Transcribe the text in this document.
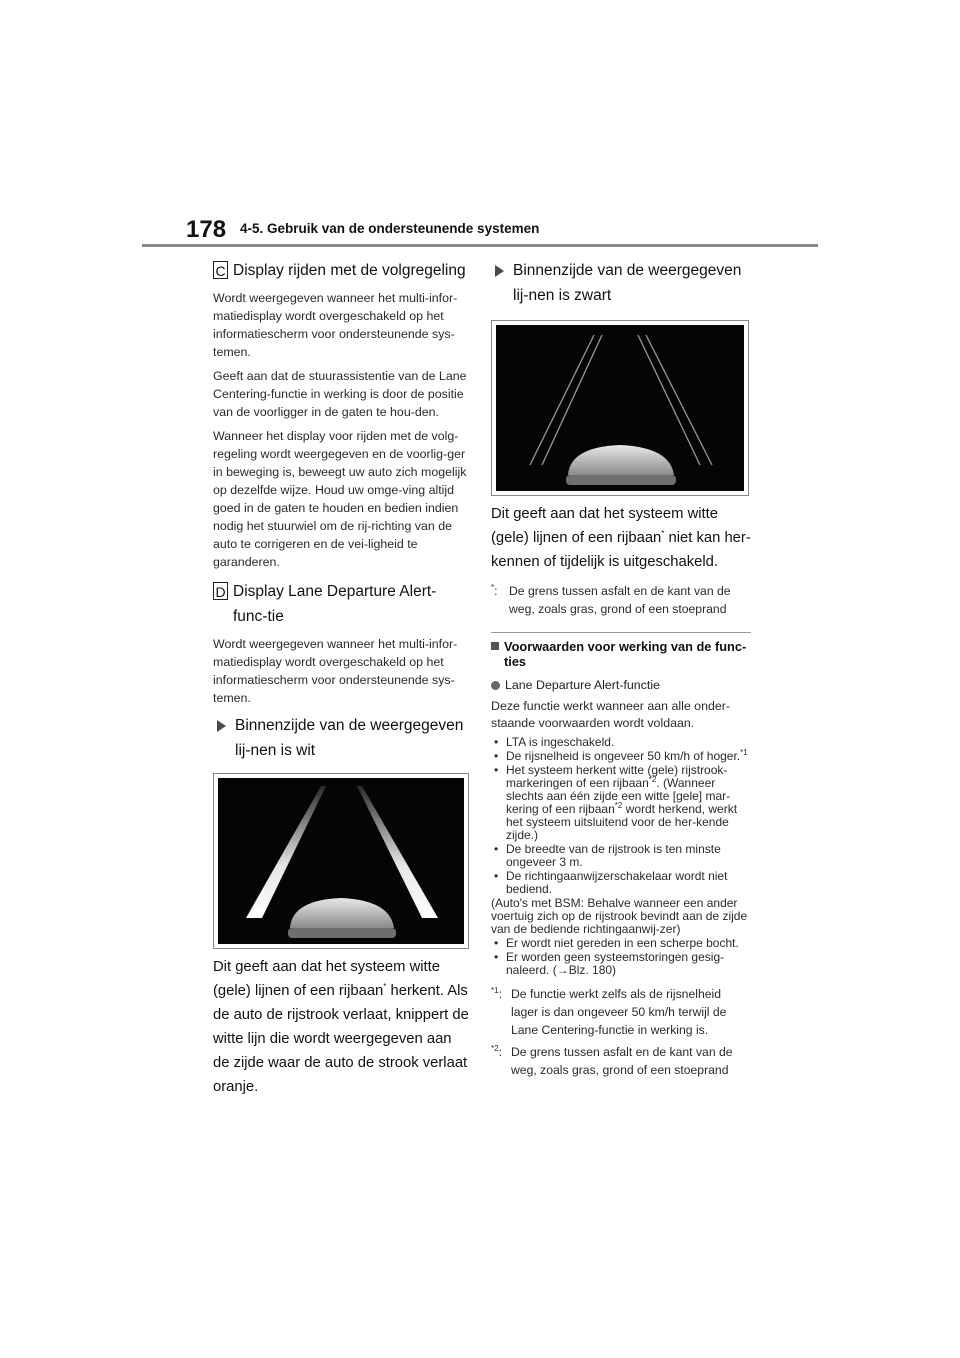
178 4-5. Gebruik van de ondersteunende systemen
C Display rijden met de volgregeling

Wordt weergegeven wanneer het multi-infor-matiedisplay wordt overgeschakeld op het informatiescherm voor ondersteunende sys-temen.

Geeft aan dat de stuurassistentie van de Lane Centering-functie in werking is door de positie van de voorligger in de gaten te hou-den.

Wanneer het display voor rijden met de volg-regeling wordt weergegeven en de voorlig-ger in beweging is, beweegt uw auto zich mogelijk op dezelfde wijze. Houd uw omge-ving altijd goed in de gaten te houden en bedien indien nodig het stuurwiel om de rij-richting van de auto te corrigeren en de vei-ligheid te garanderen.

D Display Lane Departure Alert-func-tie

Wordt weergegeven wanneer het multi-infor-matiedisplay wordt overgeschakeld op het informatiescherm voor ondersteunende sys-temen.

Binnenzijde van de weergegeven lij-nen is wit

Dit geeft aan dat het systeem witte (gele) lijnen of een rijbaan* herkent. Als de auto de rijstrook verlaat, knippert de witte lijn die wordt weergegeven aan de zijde waar de auto de strook verlaat oranje.

Binnenzijde van de weergegeven lij-nen is zwart

Dit geeft aan dat het systeem witte (gele) lijnen of een rijbaan* niet kan her-kennen of tijdelijk is uitgeschakeld.

*: De grens tussen asfalt en de kant van de weg, zoals gras, grond of een stoeprand
Voorwaarden voor werking van de func-ties
Lane Departure Alert-functie

Deze functie werkt wanneer aan alle onder-staande voorwaarden wordt voldaan.

• LTA is ingeschakeld.
• De rijsnelheid is ongeveer 50 km/h of hoger.$^{*1}$
• Het systeem herkent witte (gele) rijstrook-markeringen of een rijbaan$^{*2}$. (Wanneer slechts aan één zijde een witte [gele] mar-kering of een rijbaan$^{*2}$ wordt herkend, werkt het systeem uitsluitend voor de her-kende zijde.)
• De breedte van de rijstrook is ten minste ongeveer 3 m.
• De richtingaanwijzerschakelaar wordt niet bediend.
(Auto's met BSM: Behalve wanneer een ander voertuig zich op de rijstrook bevindt aan de zijde van de bediende richtingaanwij-zer)
• Er wordt niet gereden in een scherpe bocht.
• Er worden geen systeemstoringen gesig-naleerd. (→Blz. 180)
$^{*1}$: De functie werkt zelfs als de rijsnelheid lager is dan ongeveer 50 km/h terwijl de Lane Centering-functie in werking is.
$^{*2}$: De grens tussen asfalt en de kant van de weg, zoals gras, grond of een stoeprand
